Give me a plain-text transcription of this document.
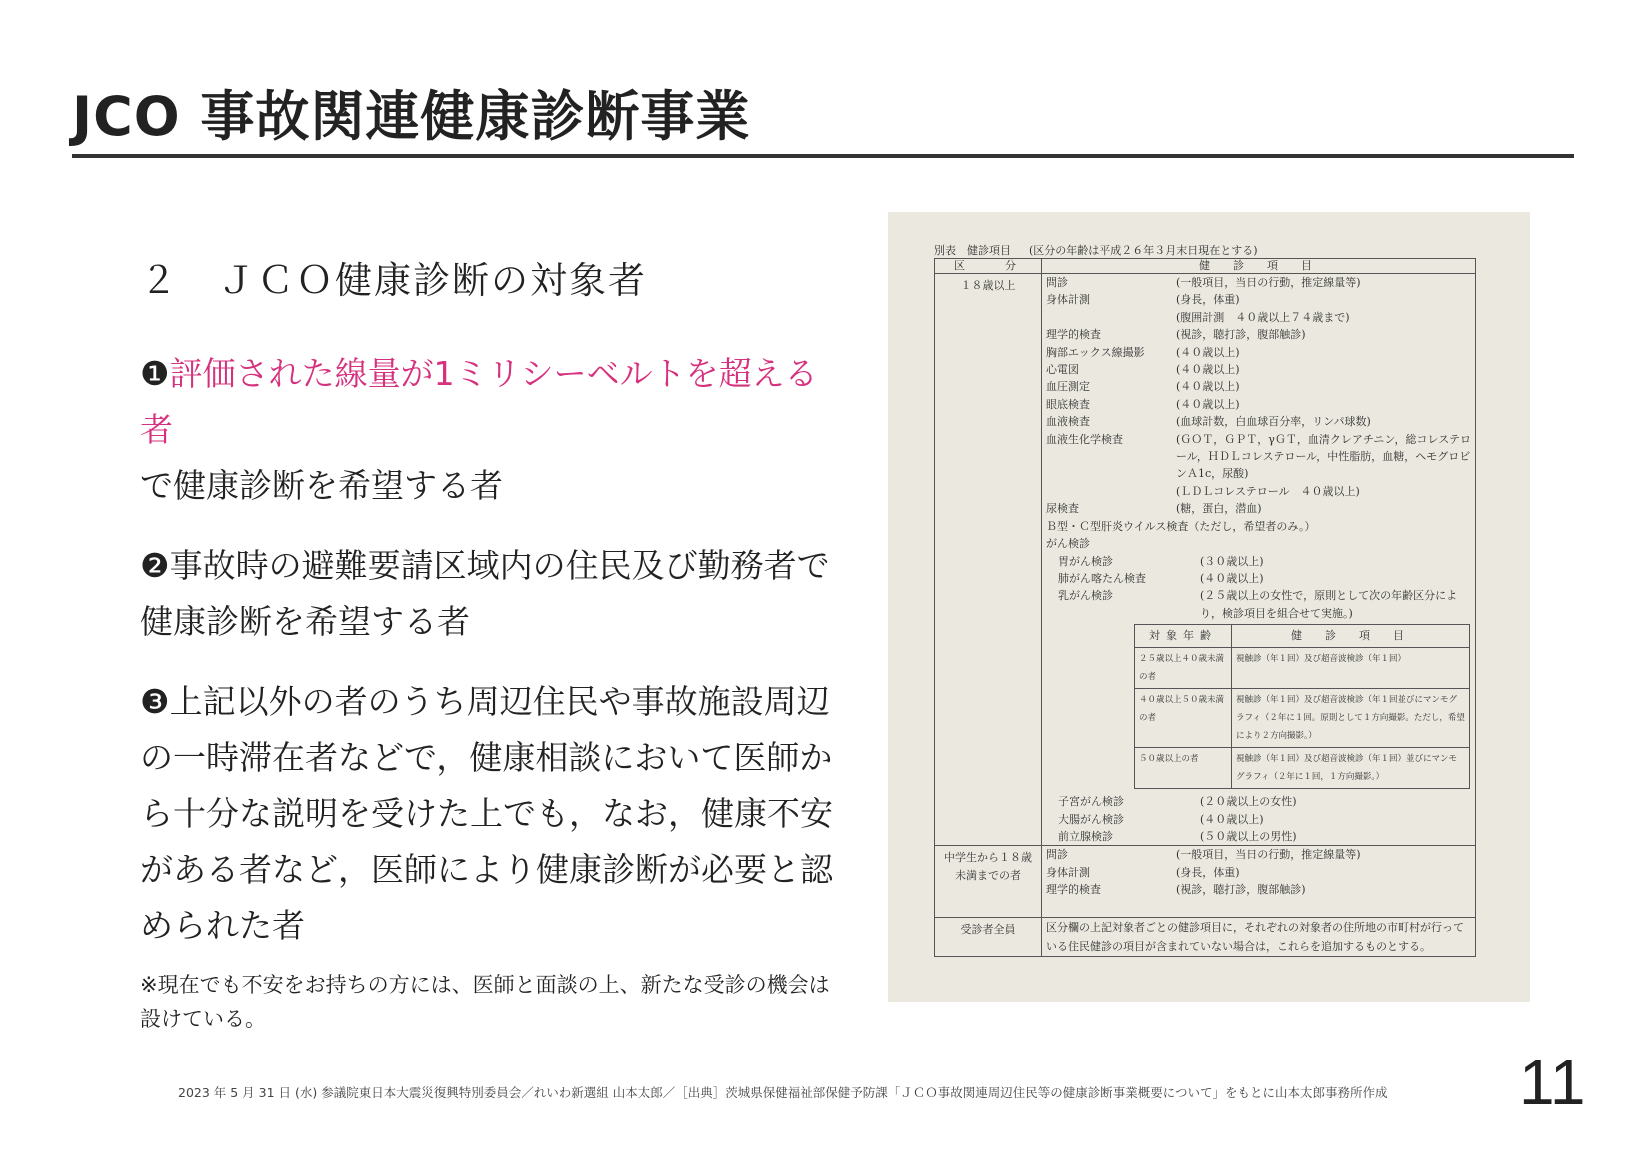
JCO 事故関連健康診断事業
２　ＪＣＯ健康診断の対象者
❶評価された線量が1ミリシーベルトを超える者
で健康診断を希望する者
❷事故時の避難要請区域内の住民及び勤務者で健康診断を希望する者
❸上記以外の者のうち周辺住民や事故施設周辺の一時滞在者などで，健康相談において医師から十分な説明を受けた上でも，なお，健康不安がある者など，医師により健康診断が必要と認められた者
※現在でも不安をお持ちの方には、医師と面談の上、新たな受診の機会は設けている。
別表　健診項目 (区分の年齢は平成２６年３月末日現在とする)
区　　分	健　診　項　目
１８歳以上	問診	(一般項目，当日の行動，推定線量等)
身体計測	(身長，体重)
(腹囲計測　４０歳以上７４歳まで)
理学的検査	(視診，聴打診，腹部触診)
胸部エックス線撮影	(４０歳以上)
心電図	(４０歳以上)
血圧測定	(４０歳以上)
眼底検査	(４０歳以上)
血液検査	(血球計数，白血球百分率，リンパ球数)
血液生化学検査	(ＧＯＴ，ＧＰＴ，γＧＴ，血清クレアチニン，総コレステロール，ＨＤＬコレステロール，中性脂肪，血糖，ヘモグロビンＡ1c，尿酸)
(ＬＤＬコレステロール　４０歳以上)
尿検査	(糖，蛋白，潜血)
Ｂ型・Ｃ型肝炎ウイルス検査（ただし，希望者のみ。）
がん検診
胃がん検診	(３０歳以上)
肺がん喀たん検査	(４０歳以上)
乳がん検診	(２５歳以上の女性で，原則として次の年齢区分により，検診項目を組合せて実施。)
対象年齢	健　診　項　目
２５歳以上４０歳未満の者	視触診（年１回）及び超音波検診（年１回）
４０歳以上５０歳未満の者	視触診（年１回）及び超音波検診（年１回並びにマンモグラフィ（２年に１回。原則として１方向撮影。ただし，希望により２方向撮影。）
５０歳以上の者	視触診（年１回）及び超音波検診（年１回）並びにマンモグラフィ（２年に１回，１方向撮影。）
子宮がん検診	(２０歳以上の女性)
大腸がん検診	(４０歳以上)
前立腺検診	(５０歳以上の男性)

中学生から１８歳未満までの者	
問診	(一般項目，当日の行動，推定線量等)
身体計測	(身長，体重)
理学的検査	(視診，聴打診，腹部触診)

受診者全員	区分欄の上記対象者ごとの健診項目に，それぞれの対象者の住所地の市町村が行っている住民健診の項目が含まれていない場合は，これらを追加するものとする。
2023 年 5 月 31 日 (水) 参議院東日本大震災復興特別委員会／れいわ新選組 山本太郎／［出典］茨城県保健福祉部保健予防課「ＪＣＯ事故関連周辺住民等の健康診断事業概要について」をもとに山本太郎事務所作成 11
